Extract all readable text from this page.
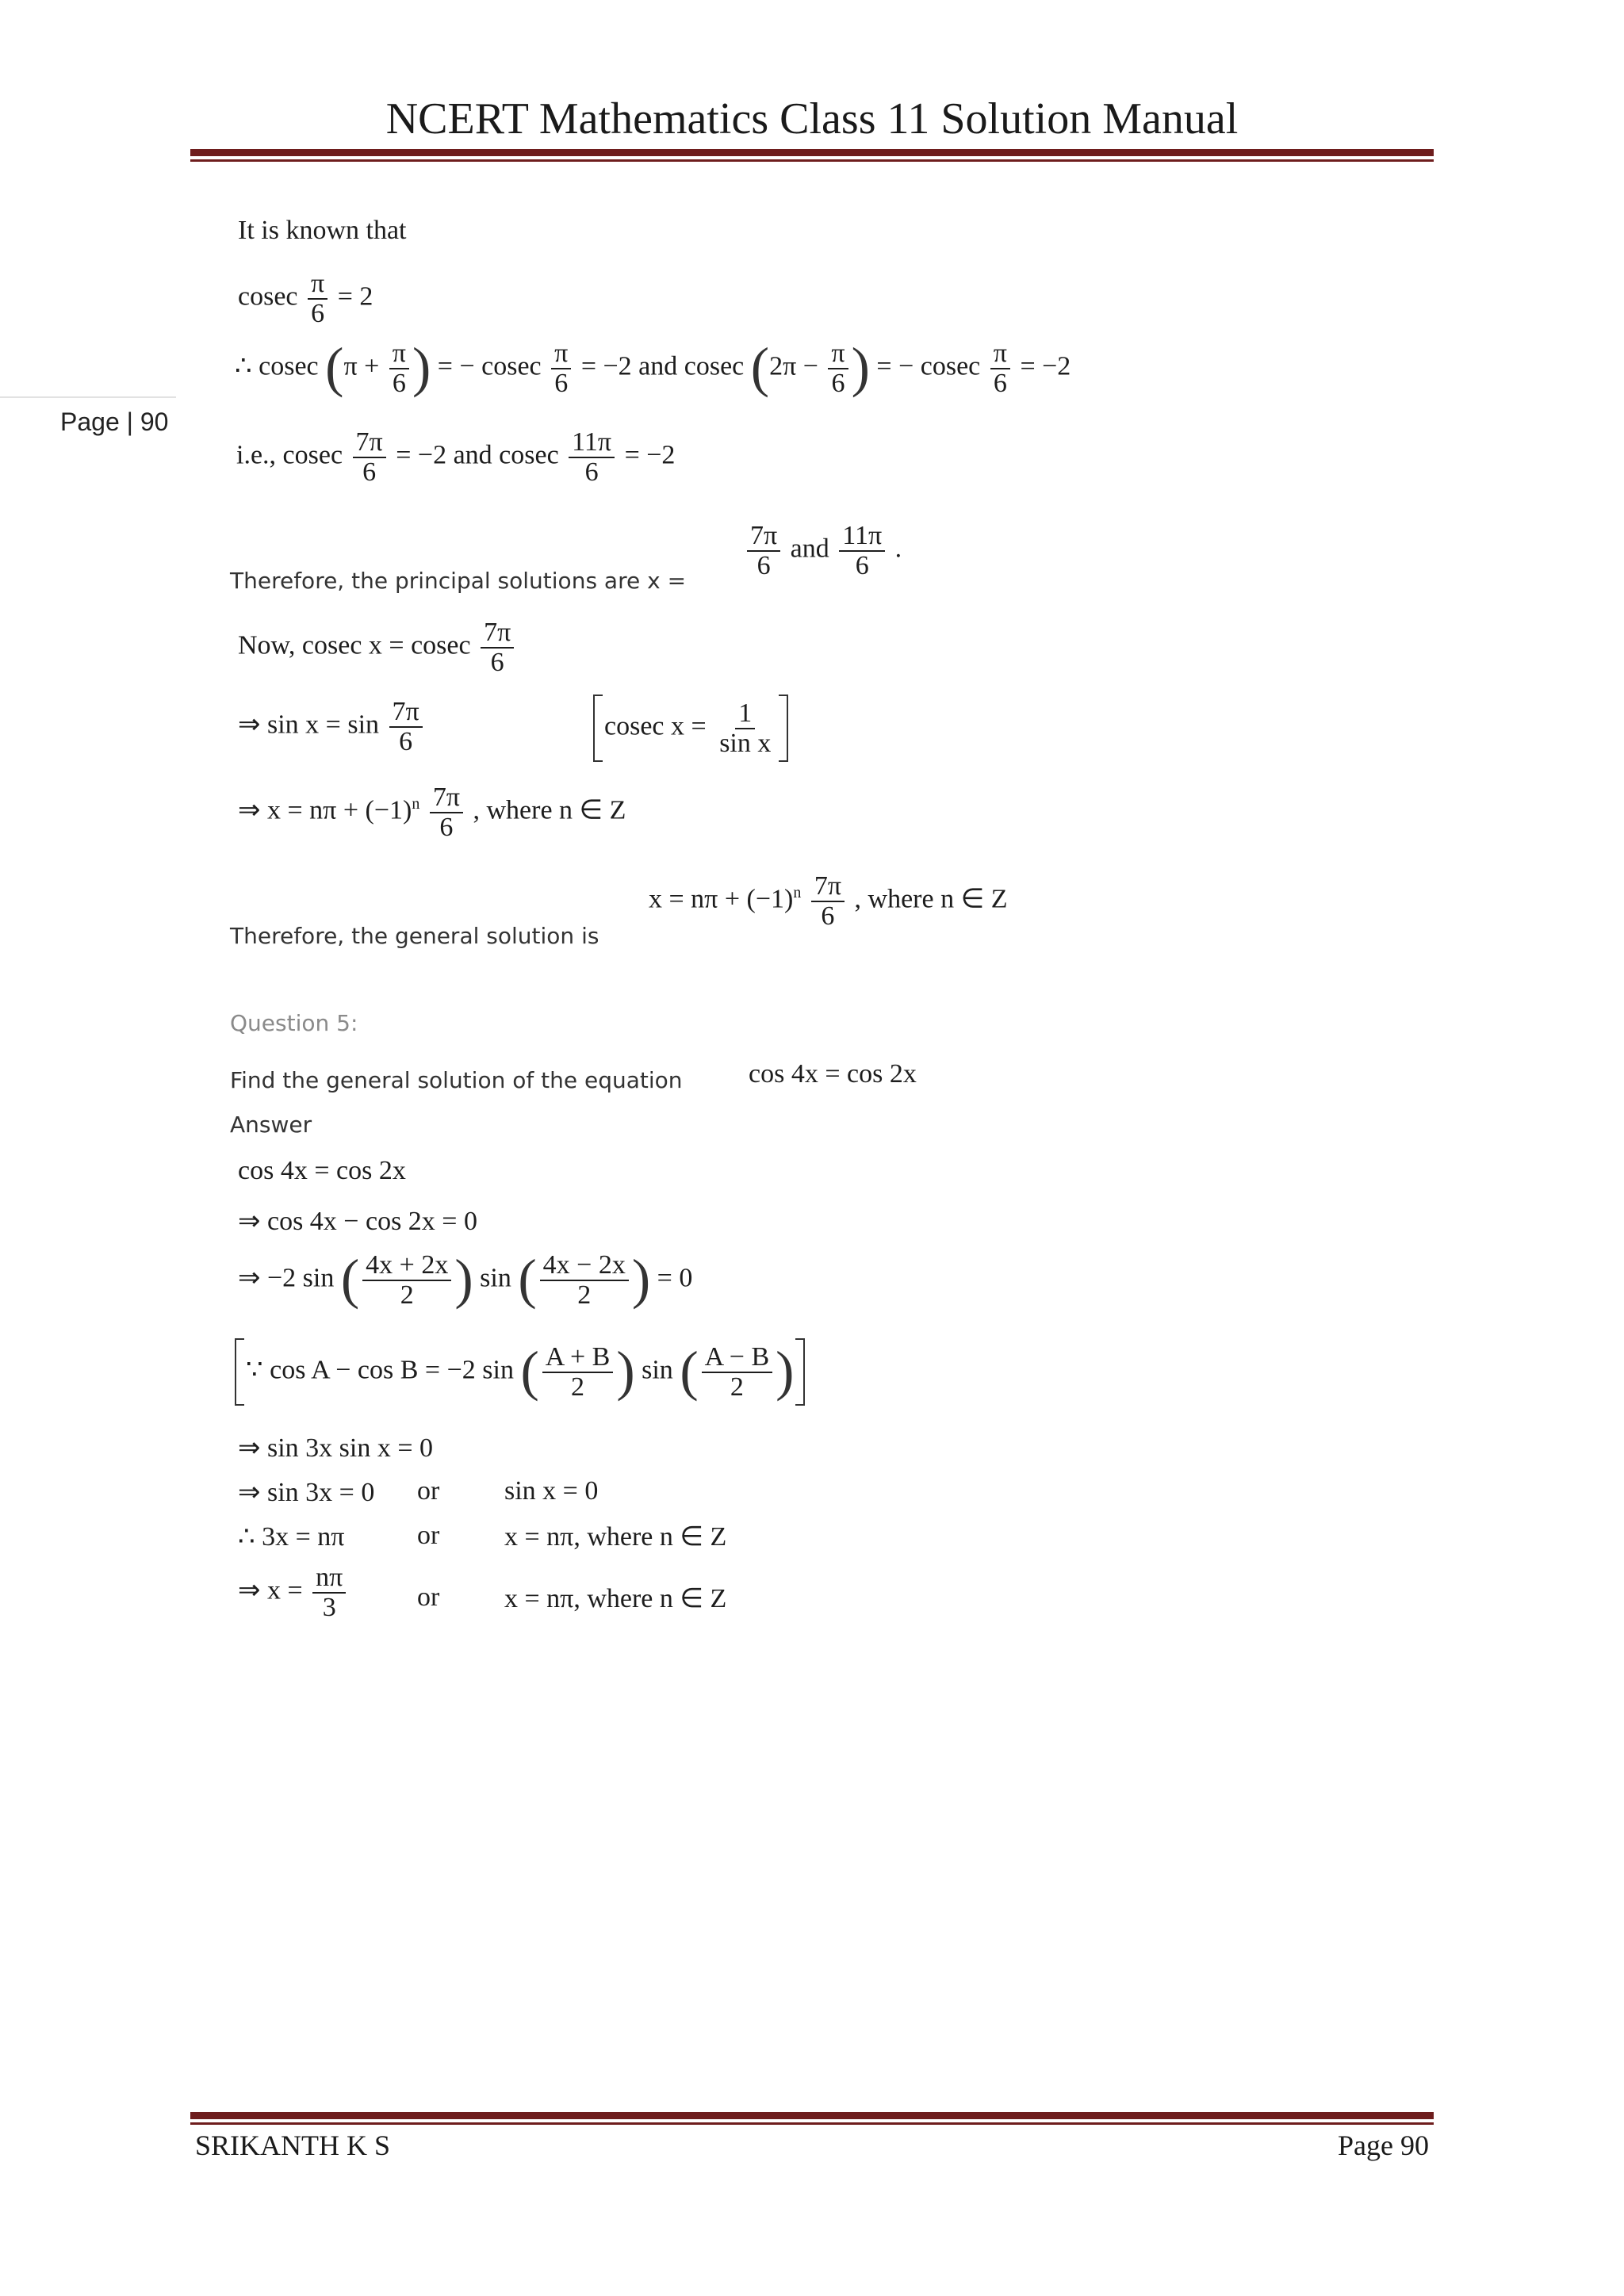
NCERT Mathematics Class 11 Solution Manual
Page | 90
It is known that
cosec $\frac{\pi}{6} = 2$
∴ cosec ($\pi + \frac{\pi}{6}$ ) = − cosec $\frac{\pi}{6} = -2$ and cosec ($2\pi - \frac{\pi}{6}$ ) = − cosec $\frac{\pi}{6} = -2$
i.e., cosec $\frac{7\pi}{6} = -2$ and cosec $\frac{11\pi}{6} = -2$
Therefore, the principal solutions are x =
$\frac{7\pi}{6}$ and $\frac{11\pi}{6}$ .
Now, cosec x = cosec $\frac{7\pi}{6}$
⇒ $\sin x = \sin \frac{7\pi}{6}$	cosec $x = \frac{1}{\text{sin x}}$
⇒ $x = n\pi + (-1)^n \frac{7\pi}{6}$ , where n ∈ Z
Therefore, the general solution is
$x = n\pi + (-1)^n \frac{7\pi}{6}$ , where n ∈ Z
Question 5:
Find the general solution of the equation cos 4x = cos 2x
Answer
cos 4x = cos 2x
⇒ cos 4x − cos 2x = 0
⇒ −2 sin ( $\frac{4x + 2x}{2}$ ) sin ( $\frac{4x - 2x}{2}$ ) = 0
∵ cos A − cos B = −2 sin ( $\frac{A + B}{2}$ ) sin ( $\frac{A - B}{2}$ )
⇒ sin 3x sin x = 0
⇒ sin 3x = 0 or sin x = 0
∴ 3x = nπ	or x = nπ, where n ∈ Z
⇒ $x = \frac{n\pi}{3}$	or x = nπ, where n ∈ Z
SRIKANTH K S	Page 90
